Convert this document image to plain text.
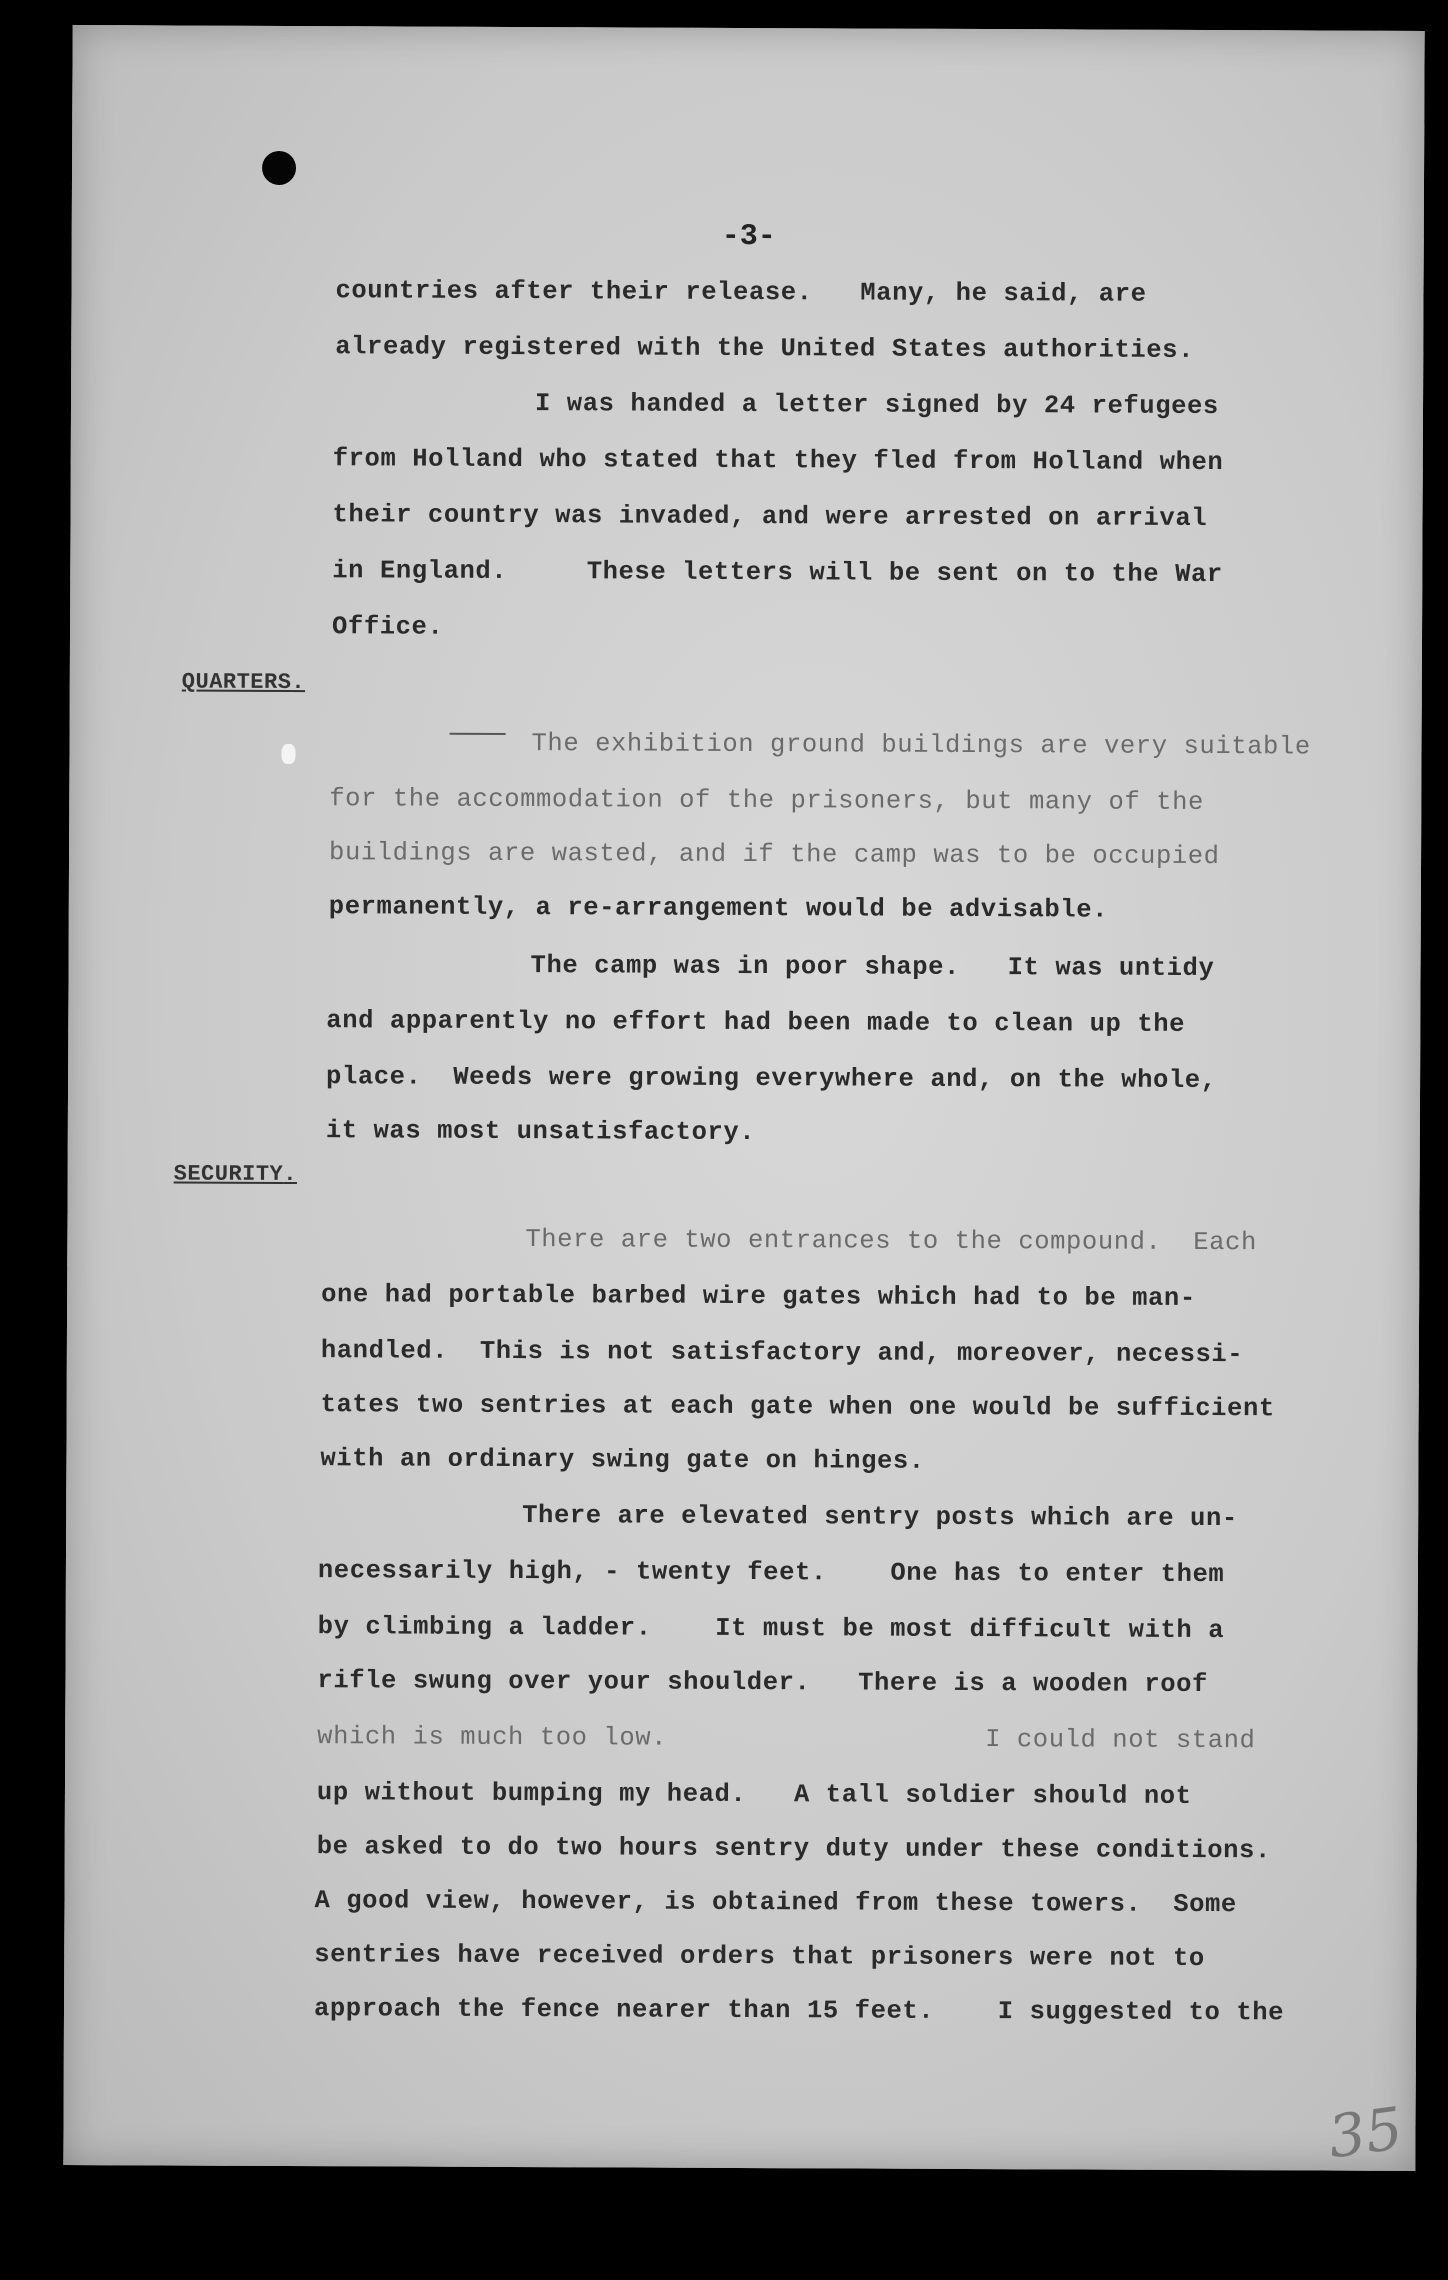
-3-
countries after their release.   Many, he said, are
already registered with the United States authorities.
I was handed a letter signed by 24 refugees
from Holland who stated that they fled from Holland when
their country was invaded, and were arrested on arrival
in England.     These letters will be sent on to the War
Office.
QUARTERS.
The exhibition ground buildings are very suitable
for the accommodation of the prisoners, but many of the
buildings are wasted, and if the camp was to be occupied
permanently, a re-arrangement would be advisable.
The camp was in poor shape.   It was untidy
and apparently no effort had been made to clean up the
place.  Weeds were growing everywhere and, on the whole,
it was most unsatisfactory.
SECURITY.
There are two entrances to the compound.  Each
one had portable barbed wire gates which had to be man-
handled.  This is not satisfactory and, moreover, necessi-
tates two sentries at each gate when one would be sufficient
with an ordinary swing gate on hinges.
There are elevated sentry posts which are un-
necessarily high, - twenty feet.    One has to enter them
by climbing a ladder.    It must be most difficult with a
rifle swung over your shoulder.   There is a wooden roof
which is much too low.                    I could not stand
up without bumping my head.   A tall soldier should not
be asked to do two hours sentry duty under these conditions.
A good view, however, is obtained from these towers.  Some
sentries have received orders that prisoners were not to
approach the fence nearer than 15 feet.    I suggested to the
35
